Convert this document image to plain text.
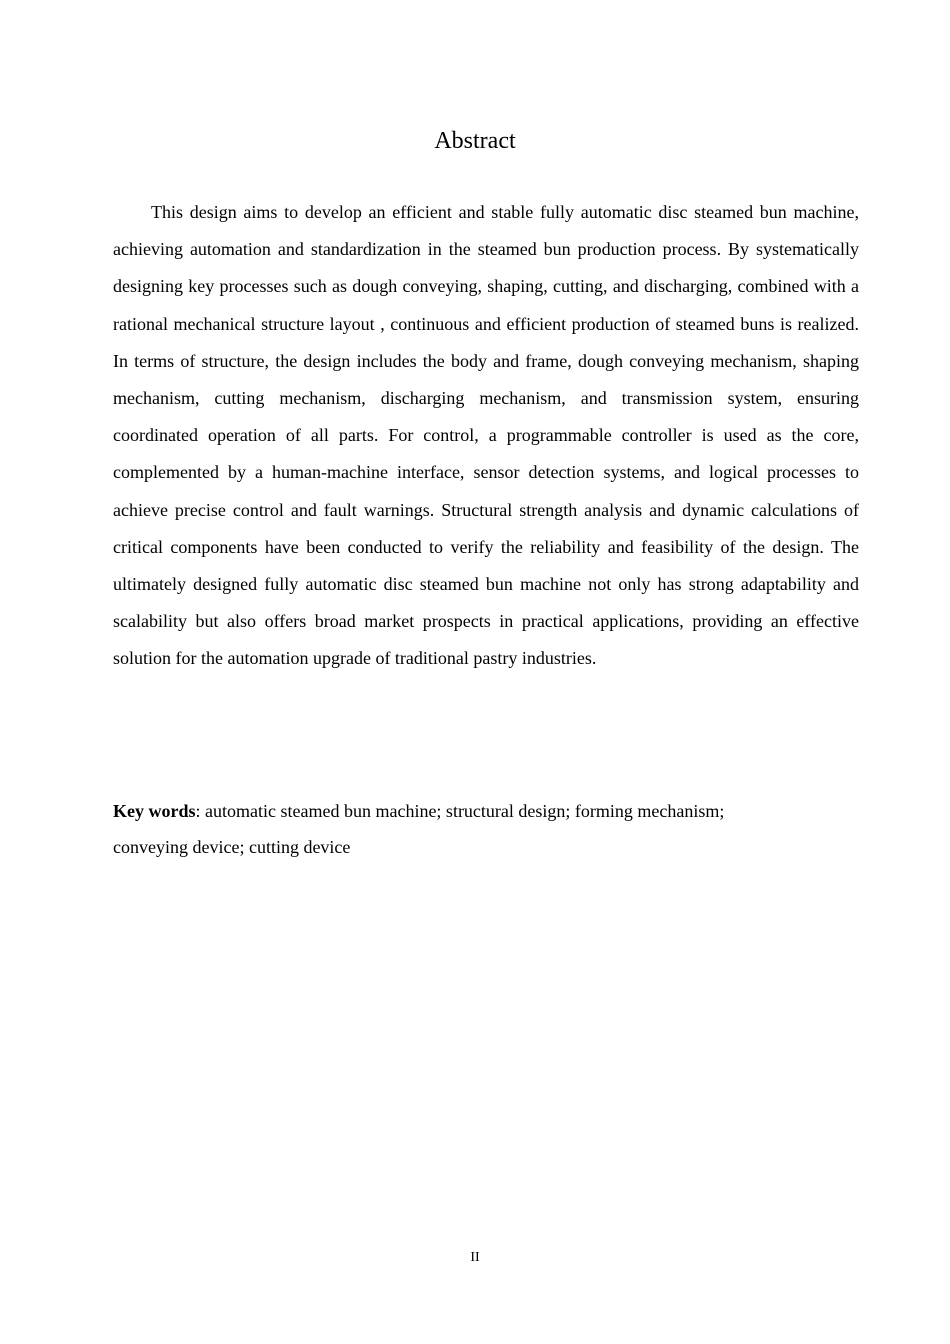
Abstract

This design aims to develop an efficient and stable fully automatic disc steamed bun machine, achieving automation and standardization in the steamed bun production process. By systematically designing key processes such as dough conveying, shaping, cutting, and discharging, combined with a rational mechanical structure layout , continuous and efficient production of steamed buns is realized. In terms of structure, the design includes the body and frame, dough conveying mechanism, shaping mechanism, cutting mechanism, discharging mechanism, and transmission system, ensuring coordinated operation of all parts. For control, a programmable controller is used as the core, complemented by a human-machine interface, sensor detection systems, and logical processes to achieve precise control and fault warnings. Structural strength analysis and dynamic calculations of critical components have been conducted to verify the reliability and feasibility of the design. The ultimately designed fully automatic disc steamed bun machine not only has strong adaptability and scalability but also offers broad market prospects in practical applications, providing an effective solution for the automation upgrade of traditional pastry industries.

Key words: automatic steamed bun machine; structural design; forming mechanism;
conveying device; cutting device

II
